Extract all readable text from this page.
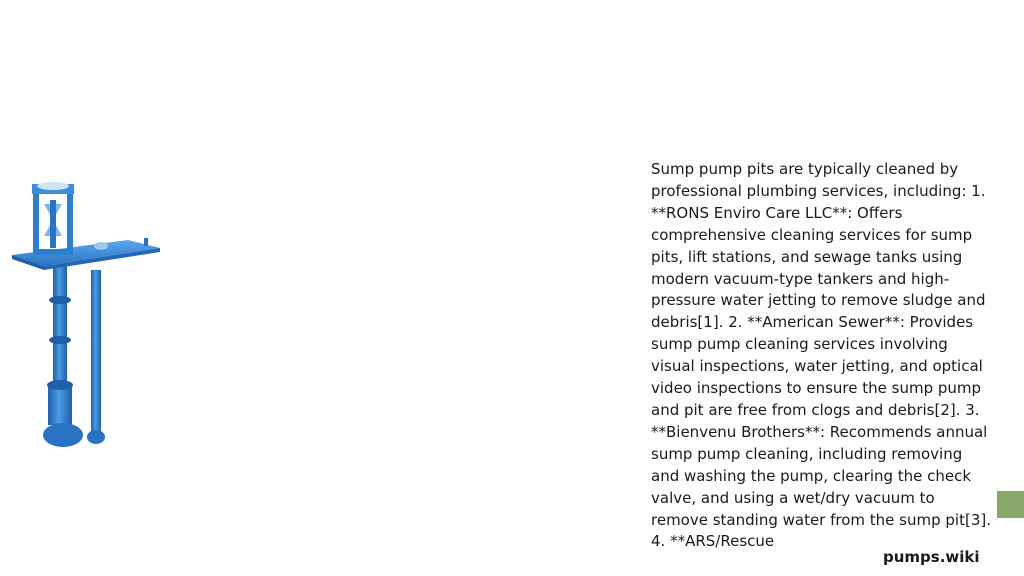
Sump pump pits are typically cleaned by professional plumbing services, including: 1. **RONS Enviro Care LLC**: Offers comprehensive cleaning services for sump pits, lift stations, and sewage tanks using modern vacuum-type tankers and high-pressure water jetting to remove sludge and debris[1]. 2. **American Sewer**: Provides sump pump cleaning services involving visual inspections, water jetting, and optical video inspections to ensure the sump pump and pit are free from clogs and debris[2]. 3. **Bienvenu Brothers**: Recommends annual sump pump cleaning, including removing and washing the pump, clearing the check valve, and using a wet/dry vacuum to remove standing water from the sump pit[3]. 4. **ARS/Rescue
pumps.wiki
